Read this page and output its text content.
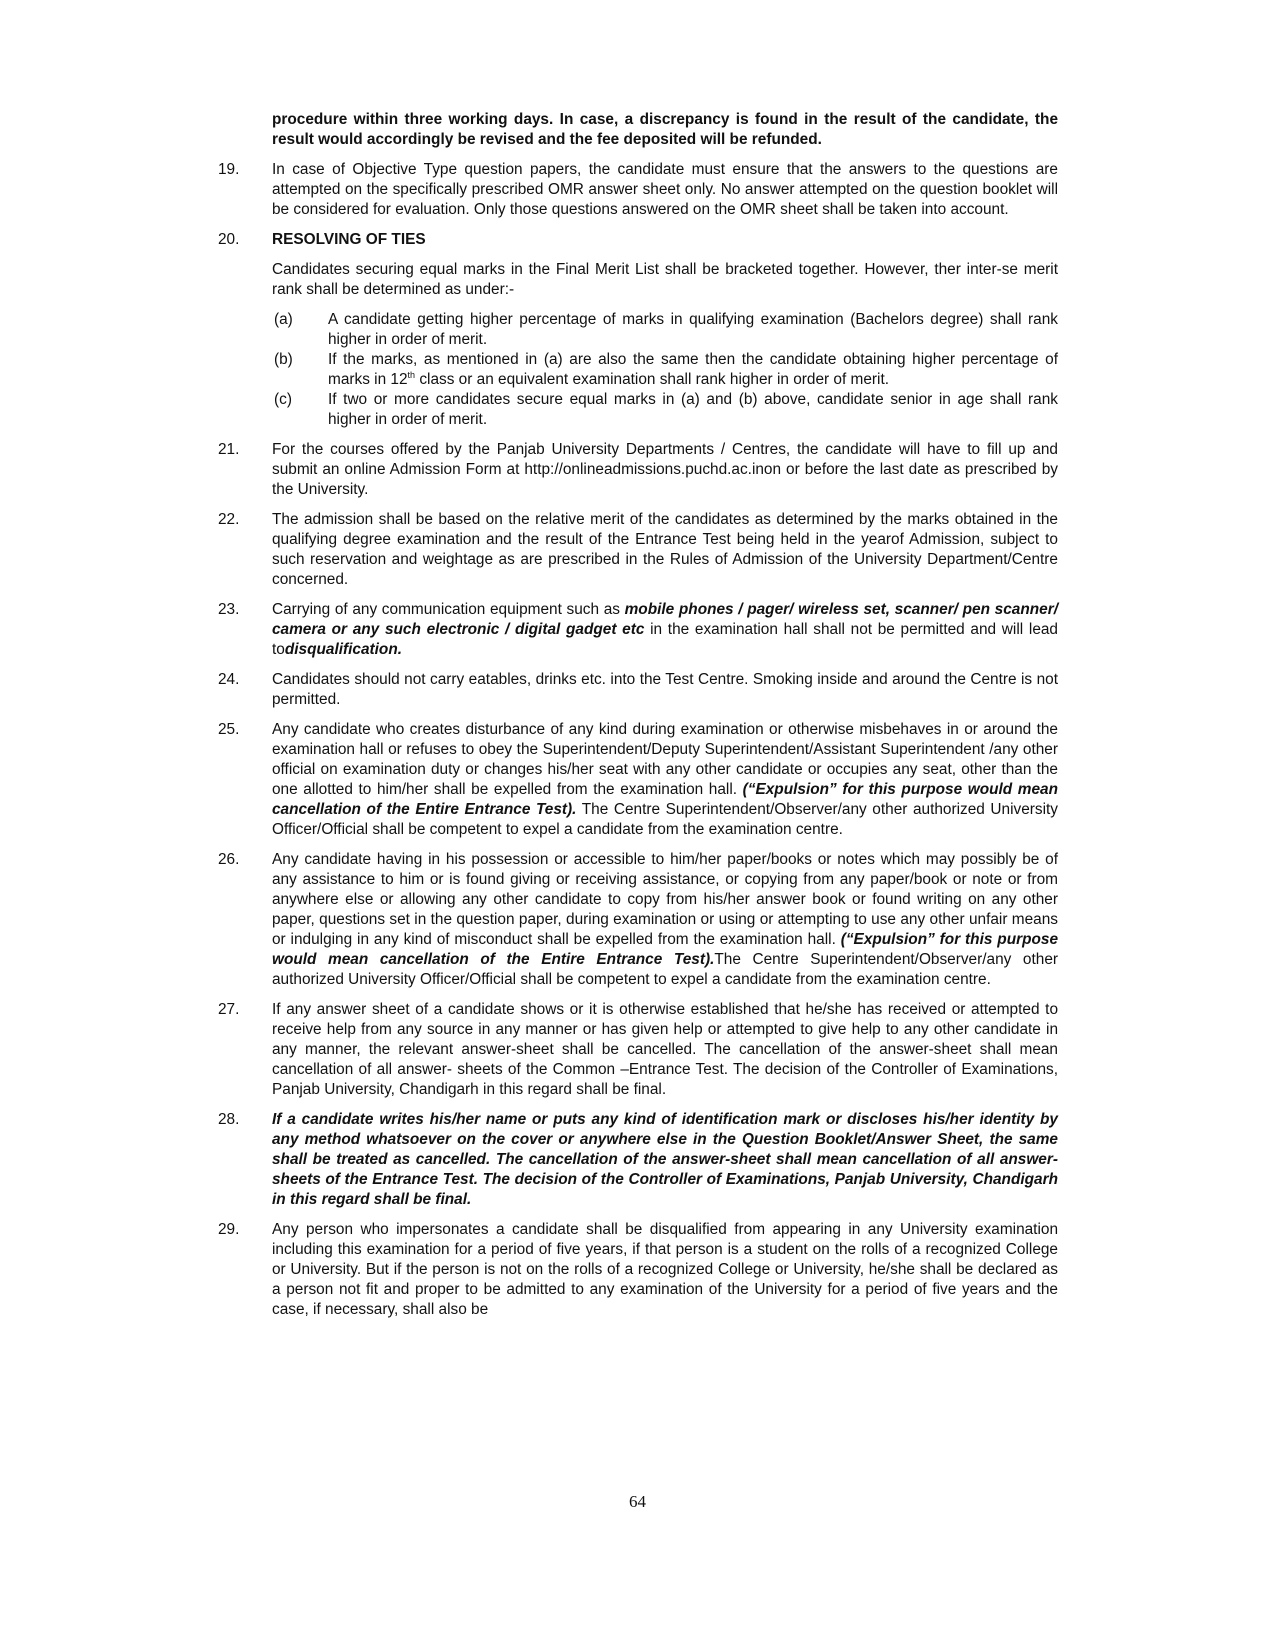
procedure within three working days. In case, a discrepancy is found in the result of the candidate, the result would accordingly be revised and the fee deposited will be refunded.

19. In case of Objective Type question papers, the candidate must ensure that the answers to the questions are attempted on the specifically prescribed OMR answer sheet only. No answer attempted on the question booklet will be considered for evaluation. Only those questions answered on the OMR sheet shall be taken into account.

20. RESOLVING OF TIES

Candidates securing equal marks in the Final Merit List shall be bracketed together. However, ther inter-se merit rank shall be determined as under:-

(a) A candidate getting higher percentage of marks in qualifying examination (Bachelors degree) shall rank higher in order of merit.

(b) If the marks, as mentioned in (a) are also the same then the candidate obtaining higher percentage of marks in 12th class or an equivalent examination shall rank higher in order of merit.

(c) If two or more candidates secure equal marks in (a) and (b) above, candidate senior in age shall rank higher in order of merit.

21. For the courses offered by the Panjab University Departments / Centres, the candidate will have to fill up and submit an online Admission Form at http://onlineadmissions.puchd.ac.inon or before the last date as prescribed by the University.

22. The admission shall be based on the relative merit of the candidates as determined by the marks obtained in the qualifying degree examination and the result of the Entrance Test being held in the yearof Admission, subject to such reservation and weightage as are prescribed in the Rules of Admission of the University Department/Centre concerned.

23. Carrying of any communication equipment such as mobile phones / pager/ wireless set, scanner/ pen scanner/ camera or any such electronic / digital gadget etc in the examination hall shall not be permitted and will lead todisqualification.

24. Candidates should not carry eatables, drinks etc. into the Test Centre. Smoking inside and around the Centre is not permitted.

25. Any candidate who creates disturbance of any kind during examination or otherwise misbehaves in or around the examination hall or refuses to obey the Superintendent/Deputy Superintendent/Assistant Superintendent /any other official on examination duty or changes his/her seat with any other candidate or occupies any seat, other than the one allotted to him/her shall be expelled from the examination hall. (“Expulsion” for this purpose would mean cancellation of the Entire Entrance Test). The Centre Superintendent/Observer/any other authorized University Officer/Official shall be competent to expel a candidate from the examination centre.

26. Any candidate having in his possession or accessible to him/her paper/books or notes which may possibly be of any assistance to him or is found giving or receiving assistance, or copying from any paper/book or note or from anywhere else or allowing any other candidate to copy from his/her answer book or found writing on any other paper, questions set in the question paper, during examination or using or attempting to use any other unfair means or indulging in any kind of misconduct shall be expelled from the examination hall. (“Expulsion” for this purpose would mean cancellation of the Entire Entrance Test).The Centre Superintendent/Observer/any other authorized University Officer/Official shall be competent to expel a candidate from the examination centre.

27. If any answer sheet of a candidate shows or it is otherwise established that he/she has received or attempted to receive help from any source in any manner or has given help or attempted to give help to any other candidate in any manner, the relevant answer-sheet shall be cancelled. The cancellation of the answer-sheet shall mean cancellation of all answer- sheets of the Common –Entrance Test. The decision of the Controller of Examinations, Panjab University, Chandigarh in this regard shall be final.

28. If a candidate writes his/her name or puts any kind of identification mark or discloses his/her identity by any method whatsoever on the cover or anywhere else in the Question Booklet/Answer Sheet, the same shall be treated as cancelled. The cancellation of the answer-sheet shall mean cancellation of all answer-sheets of the Entrance Test. The decision of the Controller of Examinations, Panjab University, Chandigarh in this regard shall be final.

29. Any person who impersonates a candidate shall be disqualified from appearing in any University examination including this examination for a period of five years, if that person is a student on the rolls of a recognized College or University. But if the person is not on the rolls of a recognized College or University, he/she shall be declared as a person not fit and proper to be admitted to any examination of the University for a period of five years and the case, if necessary, shall also be

64
